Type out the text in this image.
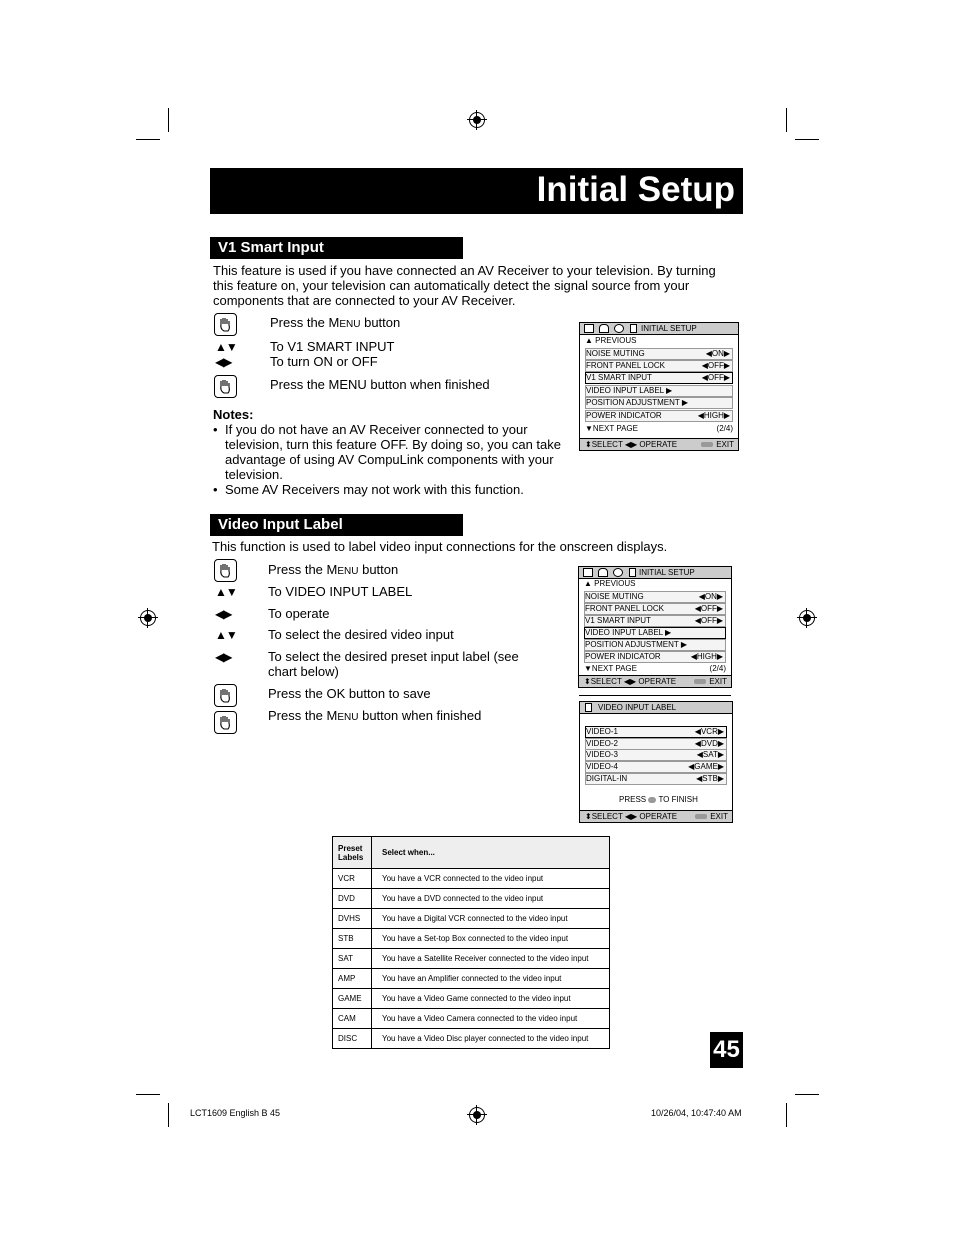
Initial Setup
V1 Smart Input
This feature is used if you have connected an AV Receiver to your television. By turning this feature on, your television can automatically detect the signal source from your components that are connected to your AV Receiver.
Press the MENU button
▲▼	To V1 SMART INPUT
◀▶	To turn ON or OFF
Press the MENU button when finished
Notes:
• If you do not have an AV Receiver connected to your television, turn this feature OFF. By doing so, you can take advantage of using AV CompuLink components with your television.
• Some AV Receivers may not work with this function.
INITIAL SETUP
▲ PREVIOUS
NOISE MUTING	◀ON▶
FRONT PANEL LOCK	◀OFF▶
V1 SMART INPUT	◀OFF▶
VIDEO INPUT LABEL ▶
POSITION ADJUSTMENT ▶
POWER INDICATOR	◀HIGH▶
▼NEXT PAGE	(2/4)
⬍SELECT ◀▶ OPERATE	EXIT
Video Input Label
This function is used to label video input connections for the onscreen displays.
Press the MENU button
▲▼ To VIDEO INPUT LABEL
◀▶	To operate
▲▼ To select the desired video input
◀▶	To select the desired preset input label (see chart below)
Press the OK button to save
Press the MENU button when finished
INITIAL SETUP
▲ PREVIOUS
NOISE MUTING	◀ON▶
FRONT PANEL LOCK	◀OFF▶
V1 SMART INPUT	◀OFF▶
VIDEO INPUT LABEL ▶
POSITION ADJUSTMENT ▶
POWER INDICATOR	◀HIGH▶
▼NEXT PAGE	(2/4)
⬍SELECT ◀▶ OPERATE	EXIT
VIDEO INPUT LABEL
VIDEO-1	◀VCR▶
VIDEO-2	◀DVD▶
VIDEO-3	◀SAT▶
VIDEO-4	◀GAME▶
DIGITAL-IN	◀STB▶
PRESS TO FINISH
⬍SELECT ◀▶ OPERATE	EXIT
Preset Labels	Select when...
VCR	You have a VCR connected to the video input
DVD	You have a DVD connected to the video input
DVHS	You have a Digital VCR connected to the video input
STB	You have a Set-top Box connected to the video input
SAT	You have a Satellite Receiver connected to the video input
AMP	You have an Amplifier connected to the video input
GAME	You have a Video Game connected to the video input
CAM	You have a Video Camera connected to the video input
DISC	You have a Video Disc player connected to the video input	45
LCT1609 English B 45	10/26/04, 10:47:40 AM
